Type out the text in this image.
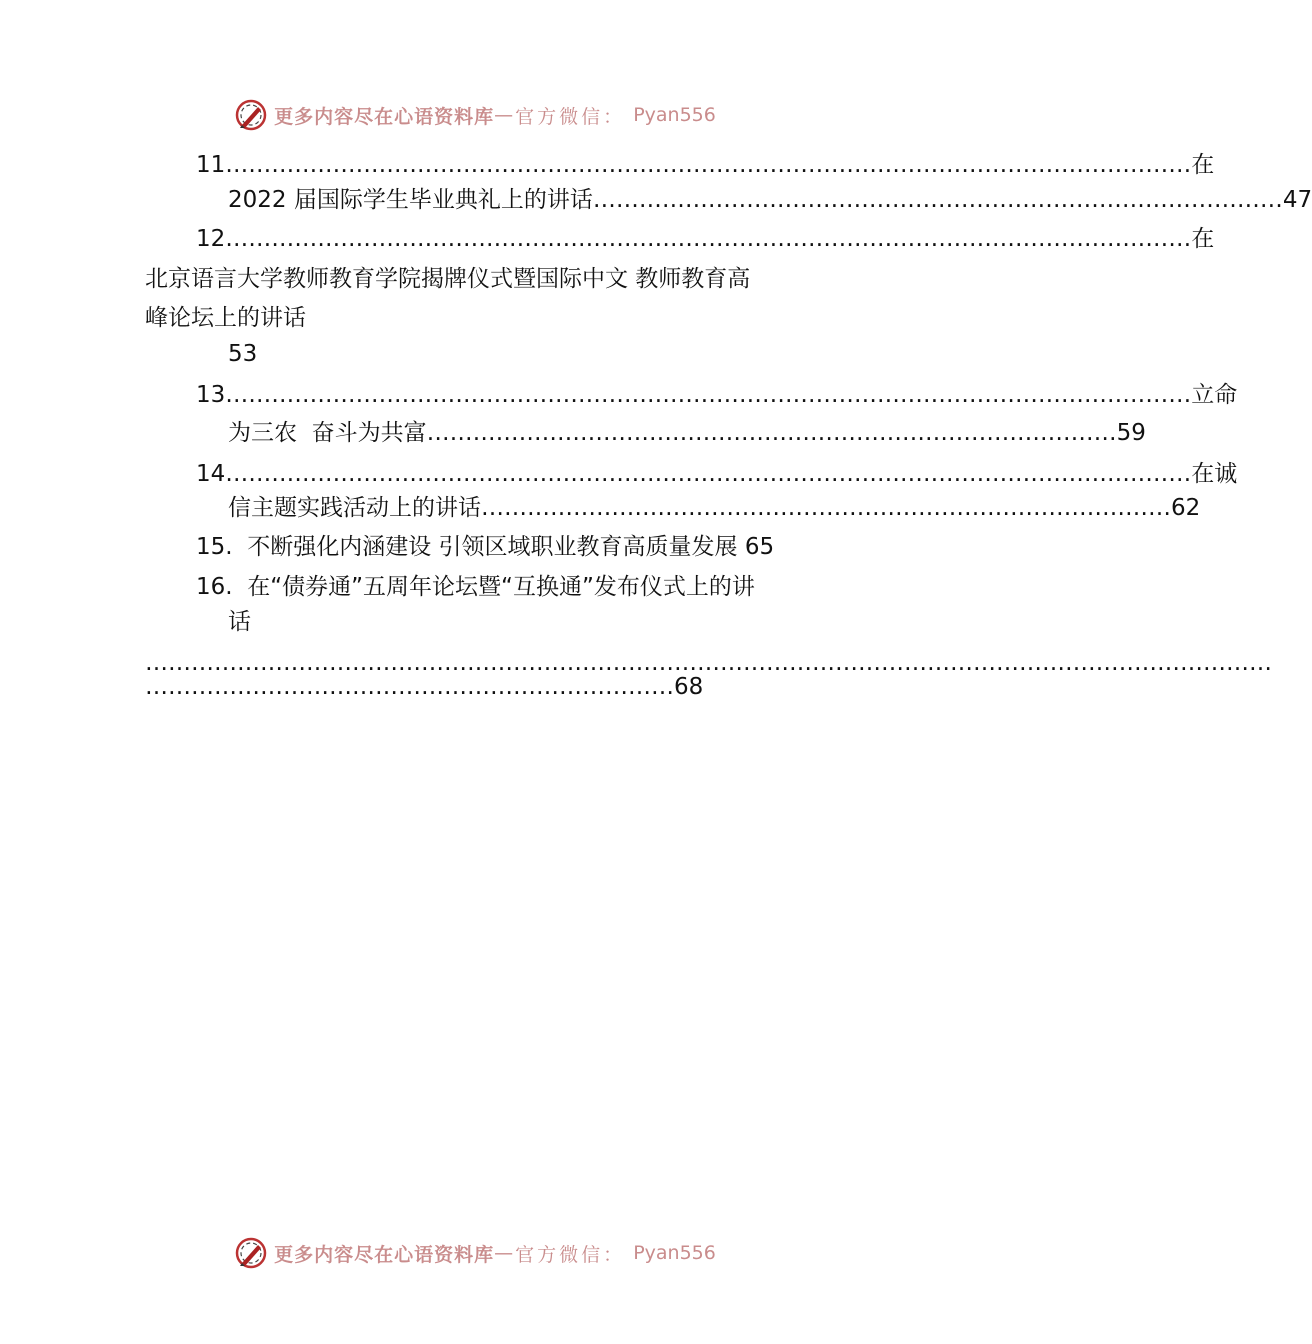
更多内容尽在心语资料库 — 官方微信： Pyan556
11 ……………………………………………………………………………………………………………… 在
2022 届国际学生毕业典礼上的讲话 ……………………………………………………………………………… 47
12 ……………………………………………………………………………………………………………… 在
北京语言大学教师教育学院揭牌仪式暨国际中文 教师教育高
峰论坛上的讲话
53
13 ……………………………………………………………………………………………………………… 立命
为三农  奋斗为共富 ……………………………………………………………………………… 59
14 ……………………………………………………………………………………………………………… 在诚
信主题实践活动上的讲话 ……………………………………………………………………………… 62
15.  不断强化内涵建设 引领区域职业教育高质量发展 65
16.  在“债券通”五周年论坛暨“互换通”发布仪式上的讲
话
…………………………………………………………………………………………………………………………………
…………………………………………………………… 68
更多内容尽在心语资料库 — 官方微信： Pyan556
